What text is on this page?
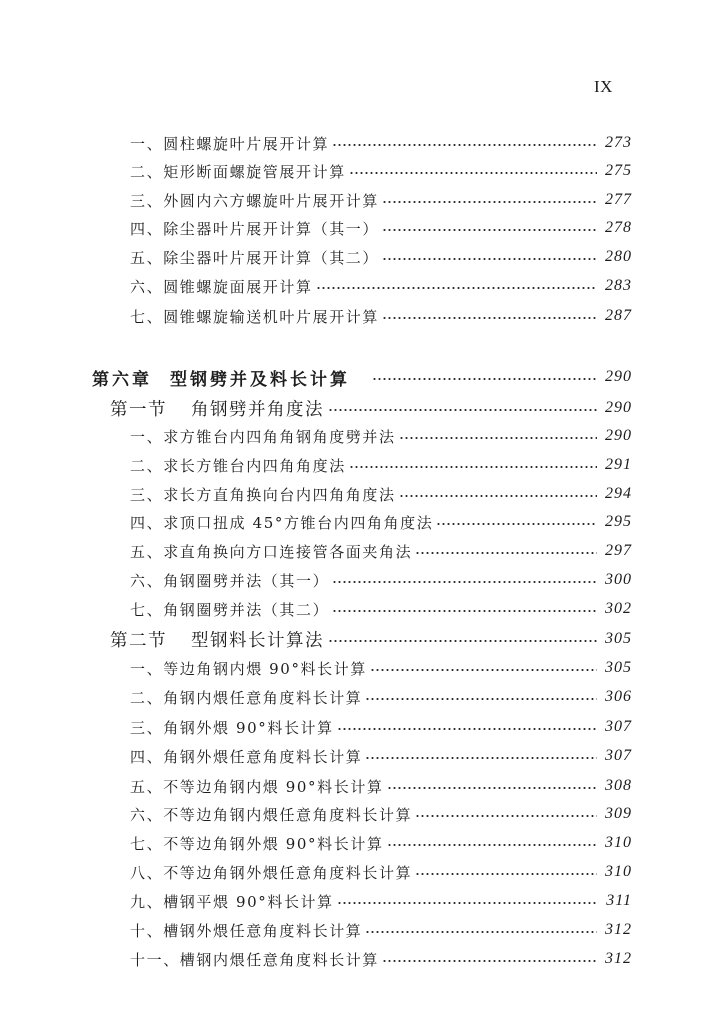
IX
一、圆柱螺旋叶片展开计算	273
二、矩形断面螺旋管展开计算	275
三、外圆内六方螺旋叶片展开计算	277
四、除尘器叶片展开计算（其一）	278
五、除尘器叶片展开计算（其二）	280
六、圆锥螺旋面展开计算	283
七、圆锥螺旋输送机叶片展开计算	287
第六章 型钢劈并及料长计算	290
第一节 角钢劈并角度法	290
一、求方锥台内四角角钢角度劈并法	290
二、求长方锥台内四角角度法	291
三、求长方直角换向台内四角角度法	294
四、求顶口扭成 45°方锥台内四角角度法	295
五、求直角换向方口连接管各面夹角法	297
六、角钢圈劈并法（其一）	300
七、角钢圈劈并法（其二）	302
第二节 型钢料长计算法	305
一、等边角钢内煨 90°料长计算	305
二、角钢内煨任意角度料长计算	306
三、角钢外煨 90°料长计算	307
四、角钢外煨任意角度料长计算	307
五、不等边角钢内煨 90°料长计算	308
六、不等边角钢内煨任意角度料长计算	309
七、不等边角钢外煨 90°料长计算	310
八、不等边角钢外煨任意角度料长计算	310
九、槽钢平煨 90°料长计算	311
十、槽钢外煨任意角度料长计算	312
十一、槽钢内煨任意角度料长计算	312
